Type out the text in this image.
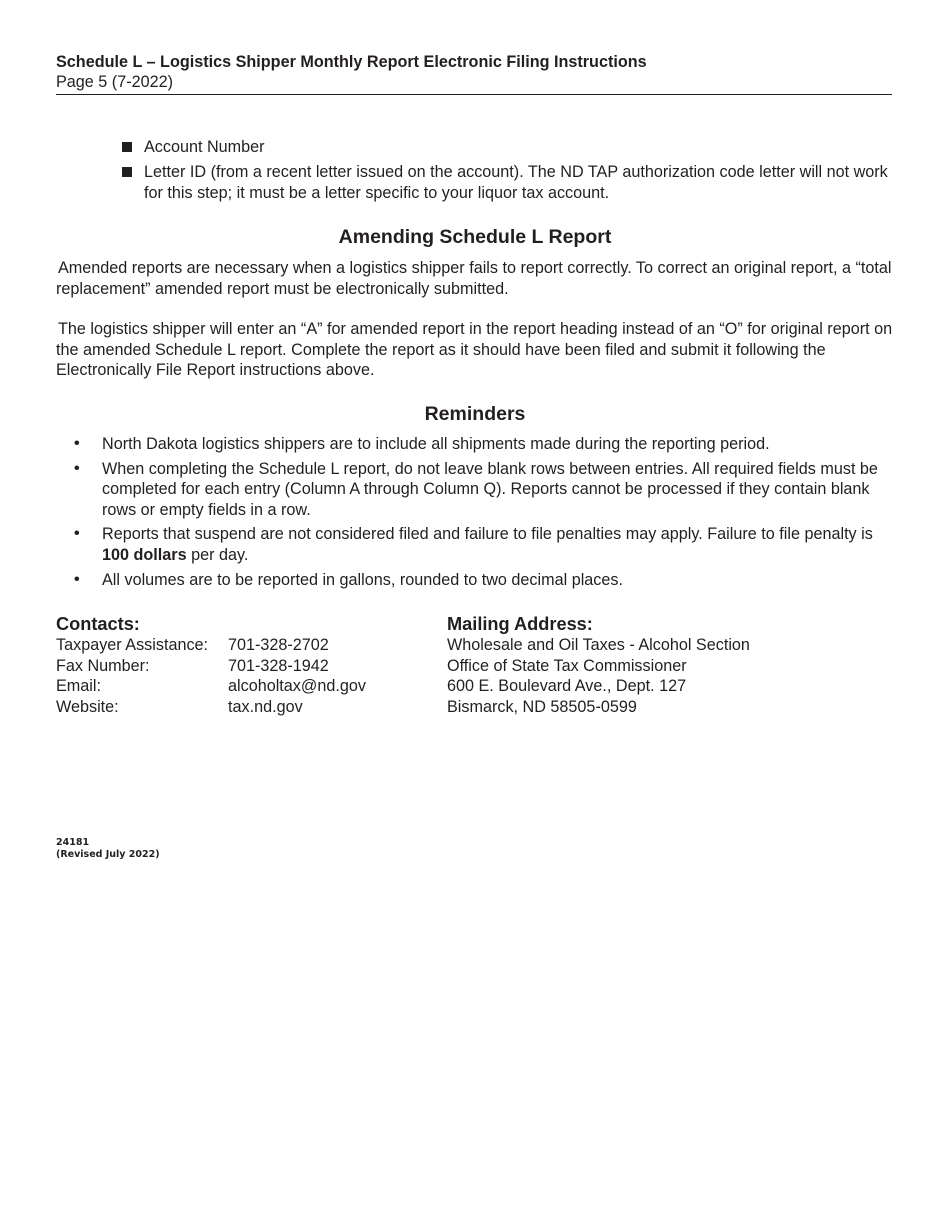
Schedule L – Logistics Shipper Monthly Report Electronic Filing Instructions
Page 5 (7-2022)
Account Number
Letter ID (from a recent letter issued on the account). The ND TAP authorization code letter will not work for this step; it must be a letter specific to your liquor tax account.
Amending Schedule L Report

Amended reports are necessary when a logistics shipper fails to report correctly. To correct an original report, a “total replacement” amended report must be electronically submitted.

The logistics shipper will enter an “A” for amended report in the report heading instead of an “O” for original report on the amended Schedule L report. Complete the report as it should have been filed and submit it following the Electronically File Report instructions above.

Reminders
• North Dakota logistics shippers are to include all shipments made during the reporting period.
• When completing the Schedule L report, do not leave blank rows between entries. All required fields must be completed for each entry (Column A through Column Q). Reports cannot be processed if they contain blank rows or empty fields in a row.
• Reports that suspend are not considered filed and failure to file penalties may apply. Failure to file penalty is 100 dollars per day.
• All volumes are to be reported in gallons, rounded to two decimal places.
Contacts:
Taxpayer Assistance:	701-328-2702
Fax Number:	701-328-1942
Email:	alcoholtax@nd.gov
Website:	tax.nd.gov
Mailing Address:
Wholesale and Oil Taxes - Alcohol Section
Office of State Tax Commissioner
600 E. Boulevard Ave., Dept. 127
Bismarck, ND 58505-0599
24181
(Revised July 2022)
